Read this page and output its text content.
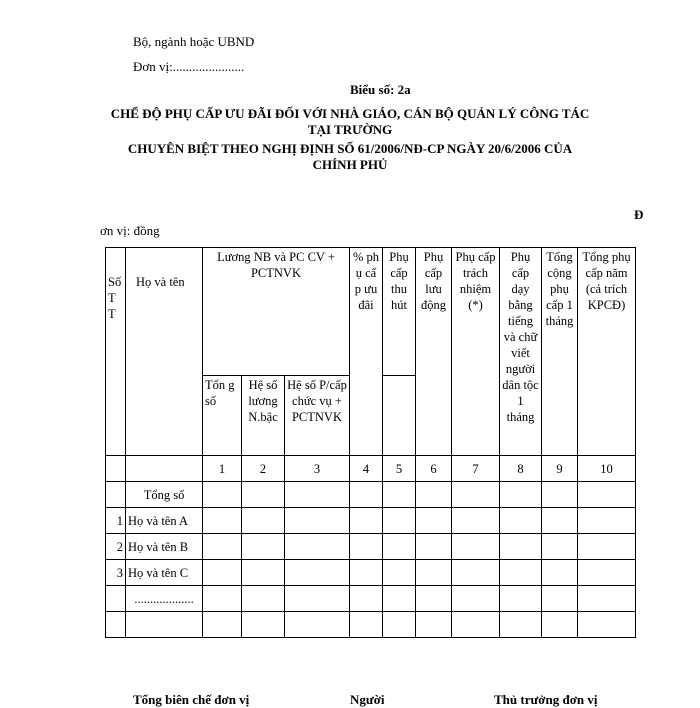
Bộ, ngành hoặc UBND
Đơn vị:......................
Biểu số: 2a
CHẾ ĐỘ PHỤ CẤP ƯU ĐÃI ĐỐI VỚI NHÀ GIÁO, CÁN BỘ QUẢN LÝ CÔNG TÁC
TẠI TRƯỜNG
CHUYÊN BIỆT THEO NGHỊ ĐỊNH SỐ 61/2006/NĐ-CP NGÀY 20/6/2006 CỦA
CHÍNH PHỦ
Đ
ơn vị: đồng
Số TT	Họ và tên	Lương NB và PC CV + PCTNVK			% ph ụ cấ p ưu đãi	Phụ cấp thu hút	Phụ cấp lưu động	Phụ cấp trách nhiệm (*)	Phụ cấp dạy bằng tiếng và chữ viết người dân tộc 1 tháng	Tổng cộng phụ cấp 1 tháng	Tổng phụ cấp năm (cả trích KPCĐ)
		Tổn g số	Hệ số lương N.bậc	Hệ số P/cấp chức vụ + PCTNVK							
		1	2	3	4	5	6	7	8	9	10
	Tổng số										
1	Họ và tên A										
2	Họ và tên B										
3	Họ và tên C										
	...................										

Tổng biên chế đơn vị	Người	Thủ trưởng đơn vị
